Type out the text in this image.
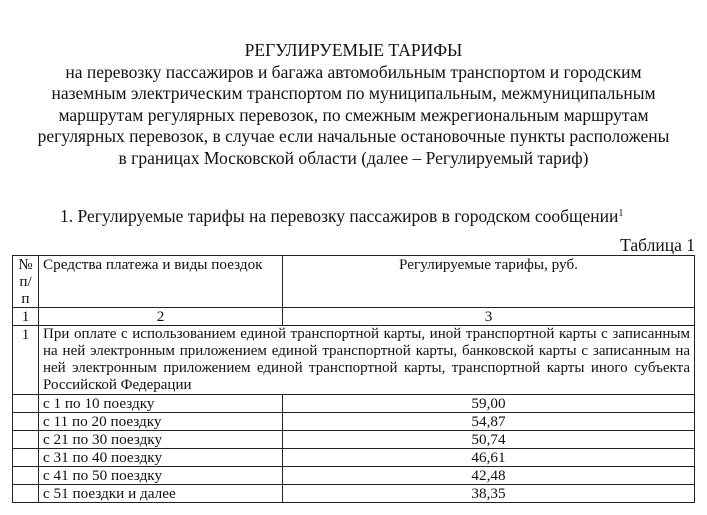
РЕГУЛИРУЕМЫЕ ТАРИФЫ
на перевозку пассажиров и багажа автомобильным транспортом и городским
наземным электрическим транспортом по муниципальным, межмуниципальным
маршрутам регулярных перевозок, по смежным межрегиональным маршрутам
регулярных перевозок, в случае если начальные остановочные пункты расположены
в границах Московской области (далее – Регулируемый тариф)
1. Регулируемые тарифы на перевозку пассажиров в городском сообщении$^1$
Таблица 1
№ п/п	Средства платежа и виды поездок	Регулируемые тарифы, руб.
1	2	3
1	При оплате с использованием единой транспортной карты, иной транспортной карты с записанным на ней электронным приложением единой транспортной карты, банковской карты с записанным на ней электронным приложением единой транспортной карты, транспортной карты иного субъекта Российской Федерации	
	с 1 по 10 поездку	59,00
	с 11 по 20 поездку	54,87
	с 21 по 30 поездку	50,74
	с 31 по 40 поездку	46,61
	с 41 по 50 поездку	42,48
	с 51 поездки и далее	38,35
